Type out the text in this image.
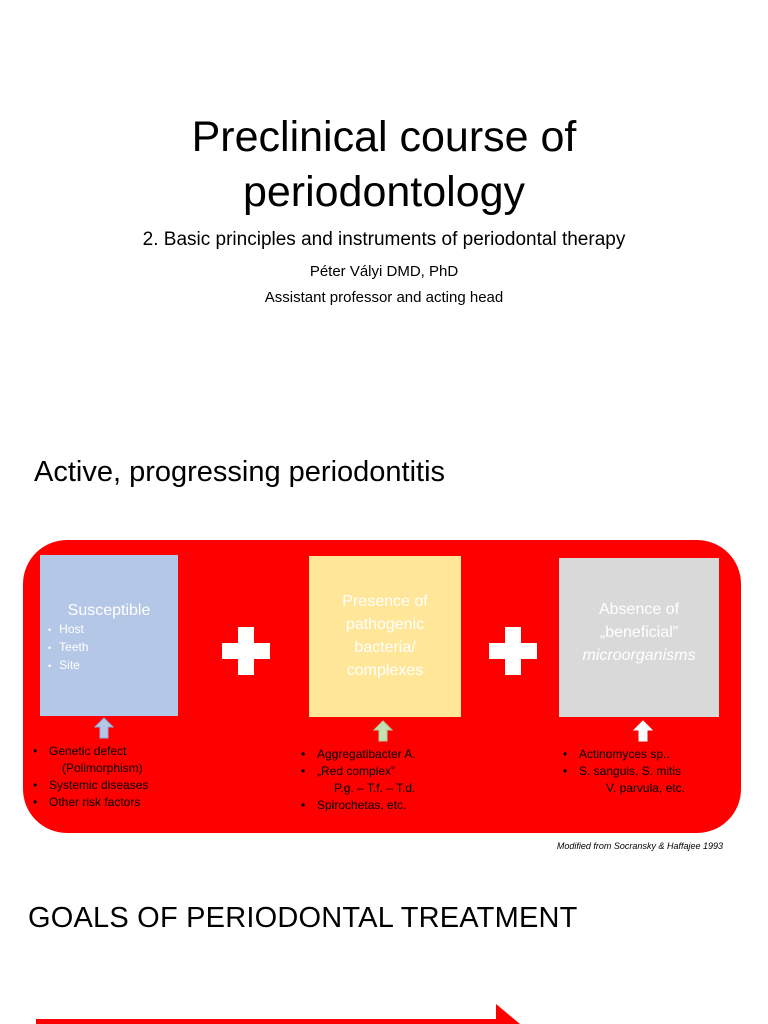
Preclinical course of
periodontology
2. Basic principles and instruments of periodontal therapy
Péter Vályi DMD, PhD
Assistant professor and acting head
Active, progressing periodontitis
Susceptible
• Host
• Teeth
• Site
Presence of
pathogenic
bacteria/
complexes
Absence of
„beneficial”
microorganisms
• Genetic defect
(Polimorphism)
• Systemic diseases
• Other risk factors
• Aggregatibacter A.
• „Red complex”
P.g. – T.f. – T.d.
• Spirochetas, etc.
• Actinomyces sp..
• S. sanguis, S. mitis
V. parvula, etc.
Modified from Socransky & Haffajee 1993
GOALS OF PERIODONTAL TREATMENT
